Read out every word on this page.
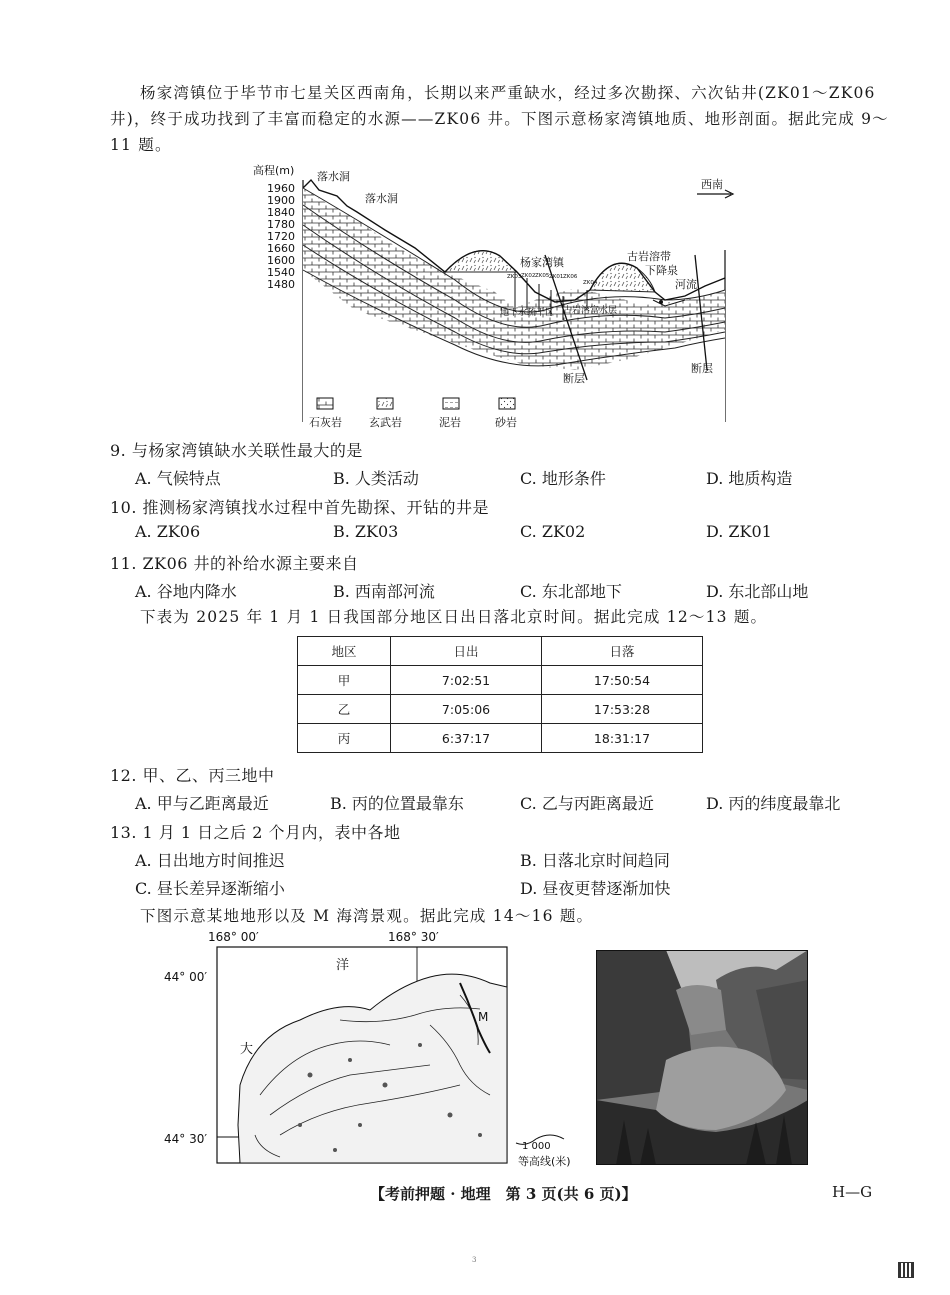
杨家湾镇位于毕节市七星关区西南角，长期以来严重缺水，经过多次勘探、六次钻井(ZK01～ZK06 井)，终于成功找到了丰富而稳定的水源——ZK06 井。下图示意杨家湾镇地质、地形剖面。据此完成 9～11 题。
高程(m)
1960
1900
1840
1780
1720
1660
1600
1540
1480
ZK03 ZK02 ZK05 ZK01 ZK06
ZK04
落水洞
落水洞
杨家湾镇	古岩溶带
下降泉
河流
地下水疏干区 古岩溶富水层
断层
断层
西南
石灰岩 玄武岩	泥岩	砂岩
9. 与杨家湾镇缺水关联性最大的是
A. 气候特点	B. 人类活动	C. 地形条件	D. 地质构造
10. 推测杨家湾镇找水过程中首先勘探、开钻的井是
A. ZK06	B. ZK03	C. ZK02	D. ZK01
11. ZK06 井的补给水源主要来自
A. 谷地内降水	B. 西南部河流	C. 东北部地下	D. 东北部山地
下表为 2025 年 1 月 1 日我国部分地区日出日落北京时间。据此完成 12～13 题。
地区	日出	日落
甲	7:02:51	17:50:54
乙	7:05:06	17:53:28
丙	6:37:17	18:31:17
12. 甲、乙、丙三地中
A. 甲与乙距离最近	B. 丙的位置最靠东	C. 乙与丙距离最近	D. 丙的纬度最靠北
13. 1 月 1 日之后 2 个月内，表中各地
A. 日出地方时间推迟	B. 日落北京时间趋同
C. 昼长差异逐渐缩小	D. 昼夜更替逐渐加快
下图示意某地地形以及 M 海湾景观。据此完成 14～16 题。
168° 00′	168° 30′
44° 00′
44° 30′
大
洋
M
1 000
等高线(米)
【考前押题 · 地理　第 3 页(共 6 页)】	H—G
3
